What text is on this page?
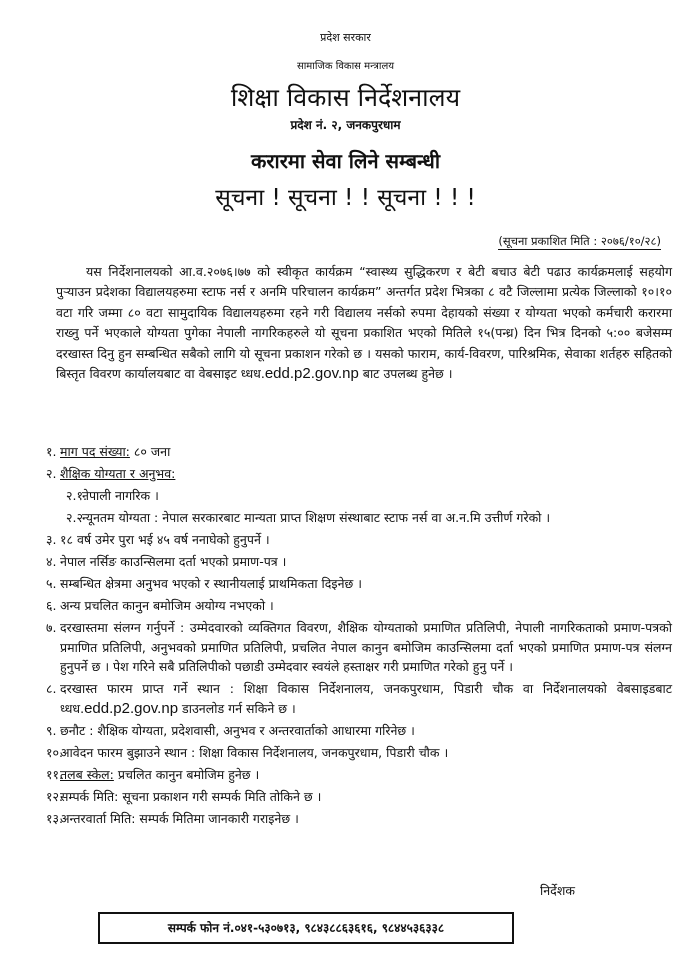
प्रदेश सरकार
सामाजिक विकास मन्त्रालय
शिक्षा विकास निर्देशनालय
प्रदेश नं. २, जनकपुरधाम
करारमा सेवा लिने सम्बन्धी
सूचना ! सूचना ! ! सूचना ! ! !
(सूचना प्रकाशित मिति : २०७६/१०/२८)
यस निर्देशनालयको आ.व.२०७६।७७ को स्वीकृत कार्यक्रम “स्वास्थ्य सुद्धिकरण र बेटी बचाउ बेटी पढाउ कार्यक्रमलाई सहयोग पुऱ्याउन प्रदेशका विद्यालयहरुमा स्टाफ नर्स र अनमि परिचालन कार्यक्रम” अन्तर्गत प्रदेश भित्रका ८ वटै जिल्लामा प्रत्येक जिल्लाको १०।१० वटा गरि जम्मा ८० वटा सामुदायिक विद्यालयहरुमा रहने गरी विद्यालय नर्सको रुपमा देहायको संख्या र योग्यता भएको कर्मचारी करारमा राख्नु पर्ने भएकाले योग्यता पुगेका नेपाली नागरिकहरुले यो सूचना प्रकाशित भएको मितिले १५(पन्ध्र) दिन भित्र दिनको ५:०० बजेसम्म दरखास्त दिनु हुन सम्बन्धित सबैको लागि यो सूचना प्रकाशन गरेको छ । यसको फाराम, कार्य-विवरण, पारिश्रमिक, सेवाका शर्तहरु सहितको बिस्तृत विवरण कार्यालयबाट वा वेबसाइट ध्धध.edd.p2.gov.np बाट उपलब्ध हुनेछ ।
१. माग पद संख्या: ८० जना
२. शैक्षिक योग्यता र अनुभव:
२.१.
नेपाली नागरिक ।
२.२ न्यूनतम योग्यता : नेपाल सरकारबाट मान्यता प्राप्त शिक्षण संस्थाबाट स्टाफ नर्स वा अ.न.मि उत्तीर्ण गरेको ।
३. १८ वर्ष उमेर पुरा भई ४५ वर्ष ननाघेको हुनुपर्ने ।
४. नेपाल नर्सिङ काउन्सिलमा दर्ता भएको प्रमाण-पत्र ।
५. सम्बन्धित क्षेत्रमा अनुभव भएको र स्थानीयलाई प्राथमिकता दिइनेछ ।
६. अन्य प्रचलित कानुन बमोजिम अयोग्य नभएको ।
७. दरखास्तमा संलग्न गर्नुपर्ने : उम्मेदवारको व्यक्तिगत विवरण, शैक्षिक योग्यताको प्रमाणित प्रतिलिपी, नेपाली नागरिकताको प्रमाण-पत्रको प्रमाणित प्रतिलिपी, अनुभवको प्रमाणित प्रतिलिपी, प्रचलित नेपाल कानुन बमोजिम काउन्सिलमा दर्ता भएको प्रमाणित प्रमाण-पत्र संलग्न हुनुपर्ने छ । पेश गरिने सबै प्रतिलिपीको पछाडी उम्मेदवार स्वयंले हस्ताक्षर गरी प्रमाणित गरेको हुनु पर्ने ।
८. दरखास्त फारम प्राप्त गर्ने स्थान : शिक्षा विकास निर्देशनालय, जनकपुरधाम, पिडारी चौक वा निर्देशनालयको वेबसाइडबाट ध्धध.edd.p2.gov.np डाउनलोड गर्न सकिने छ ।
९. छनौट : शैक्षिक योग्यता, प्रदेशवासी, अनुभव र अन्तरवार्ताको आधारमा गरिनेछ ।
१०.
आवेदन फारम बुझाउने स्थान : शिक्षा विकास निर्देशनालय, जनकपुरधाम, पिडारी चौक ।
११.
तलब स्केल: प्रचलित कानुन बमोजिम हुनेछ ।
१२.
सम्पर्क मिति: सूचना प्रकाशन गरी सम्पर्क मिति तोकिने छ ।
१३.
अन्तरवार्ता मिति: सम्पर्क मितिमा जानकारी गराइनेछ ।
निर्देशक
सम्पर्क फोन नं.०४१-५३०७१३, ९८४३८८६३६१६, ९८४४५३६३३८
